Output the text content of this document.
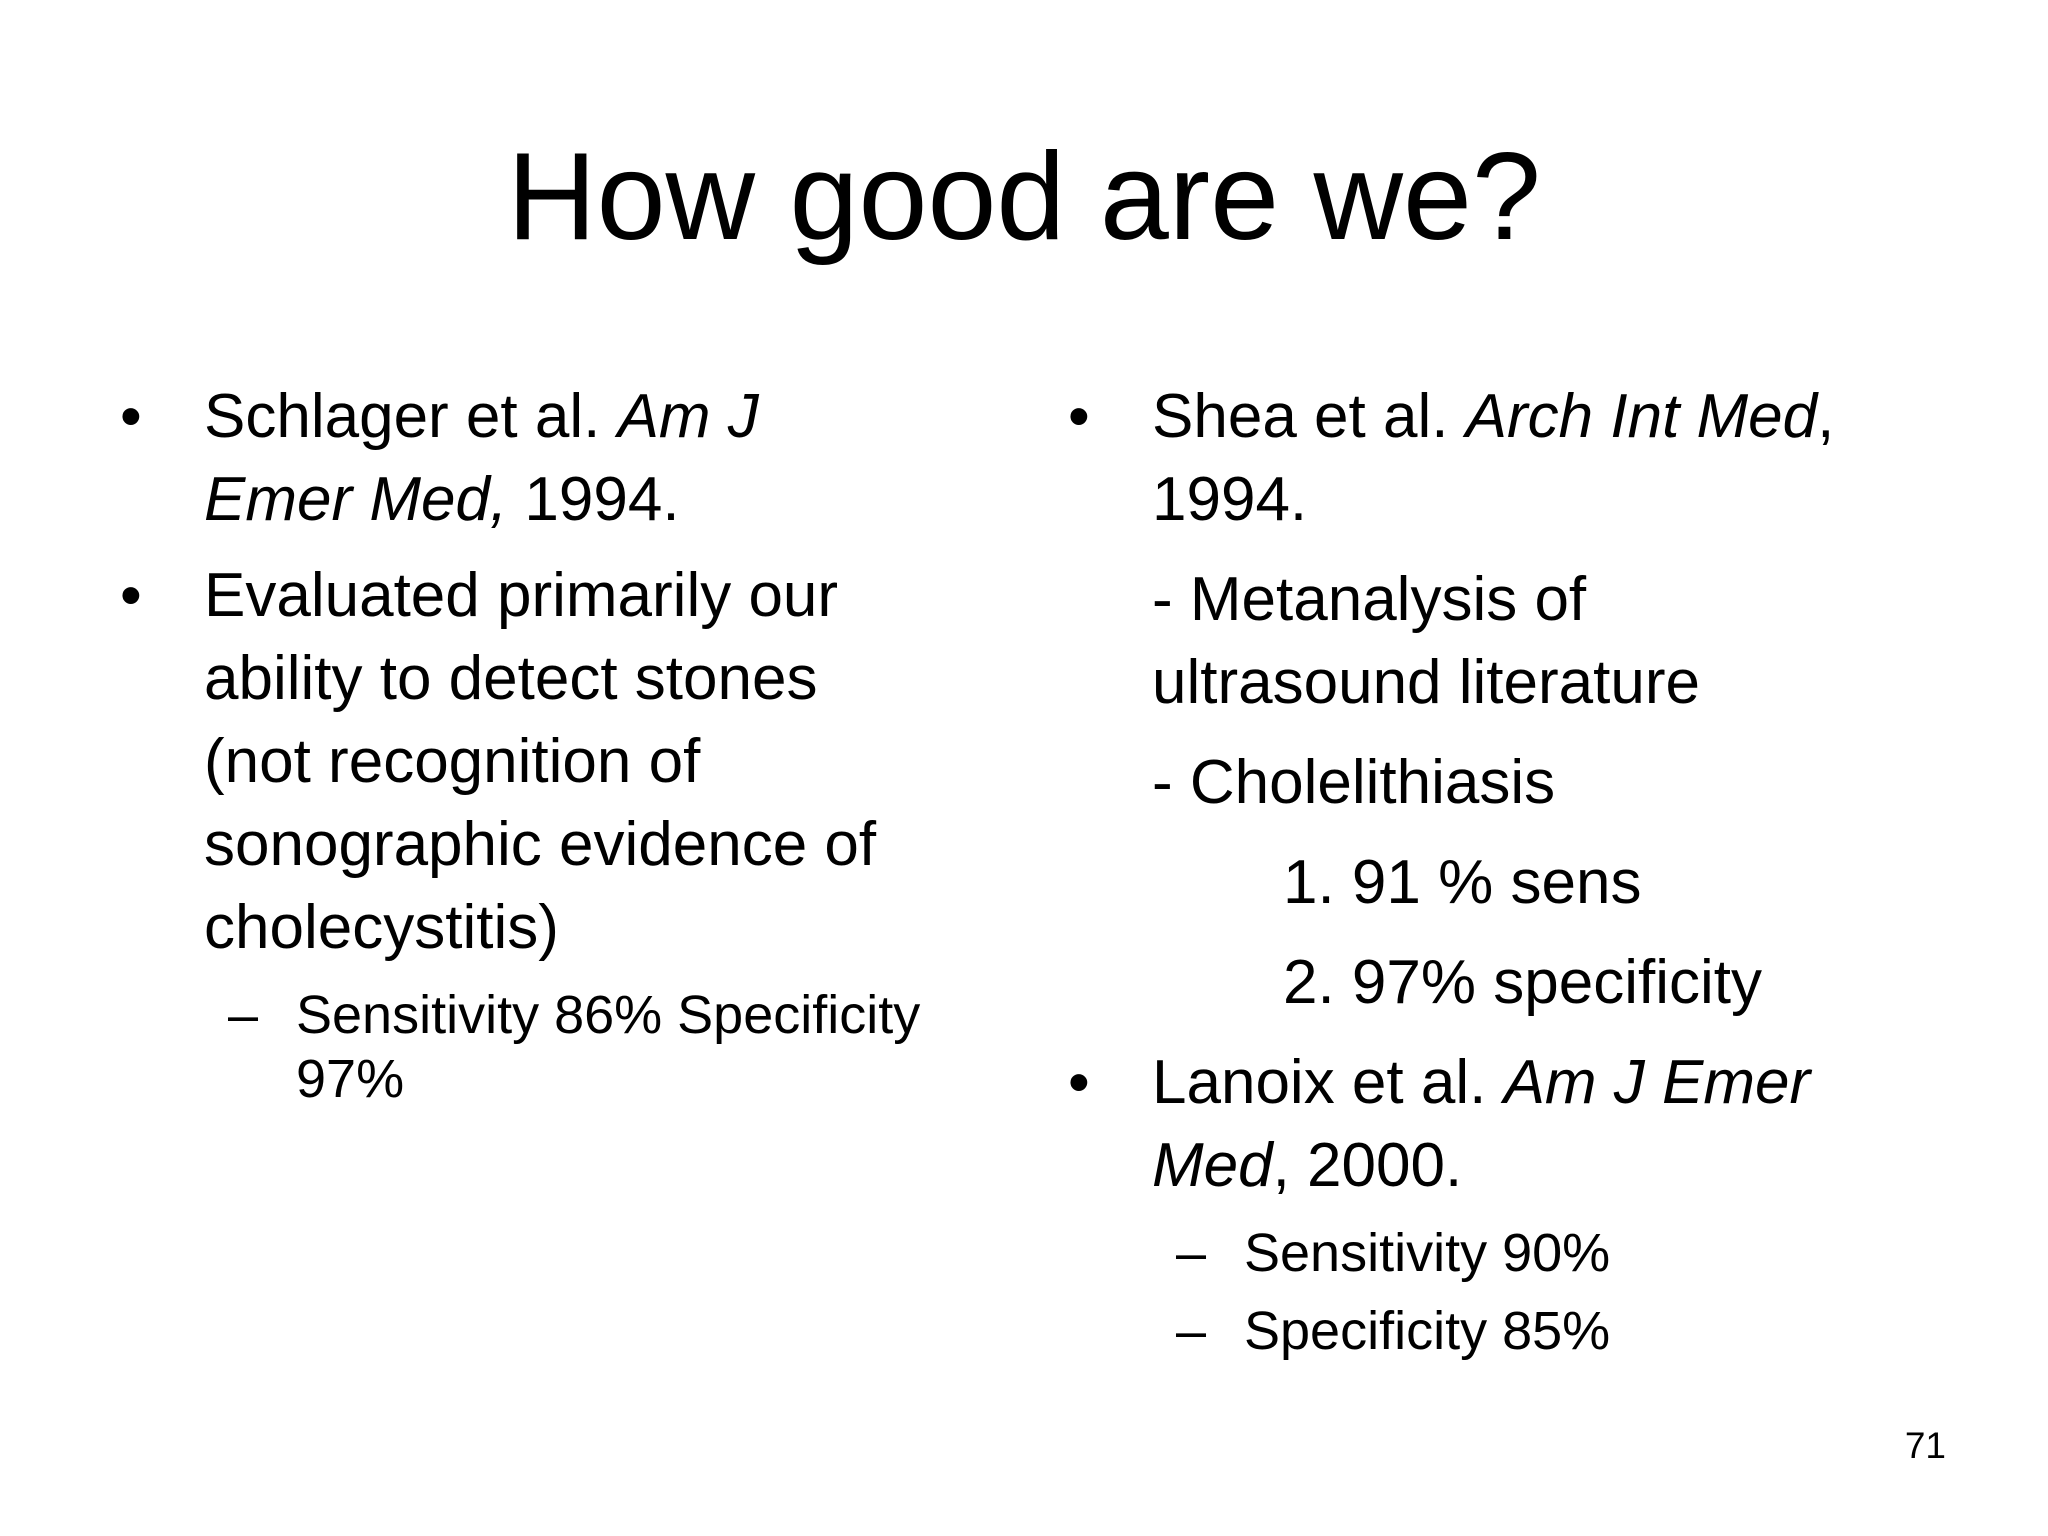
How good are we?
• Schlager et al. Am J
Emer Med, 1994.
• Evaluated primarily our
ability to detect stones
(not recognition of
sonographic evidence of
cholecystitis)
– Sensitivity 86% Specificity
97%
• Shea et al. Arch Int Med,
1994.
- Metanalysis of
ultrasound literature
- Cholelithiasis
1. 91 % sens
2. 97% specificity
• Lanoix et al. Am J Emer
Med, 2000.
– Sensitivity 90%
– Specificity 85%
71
